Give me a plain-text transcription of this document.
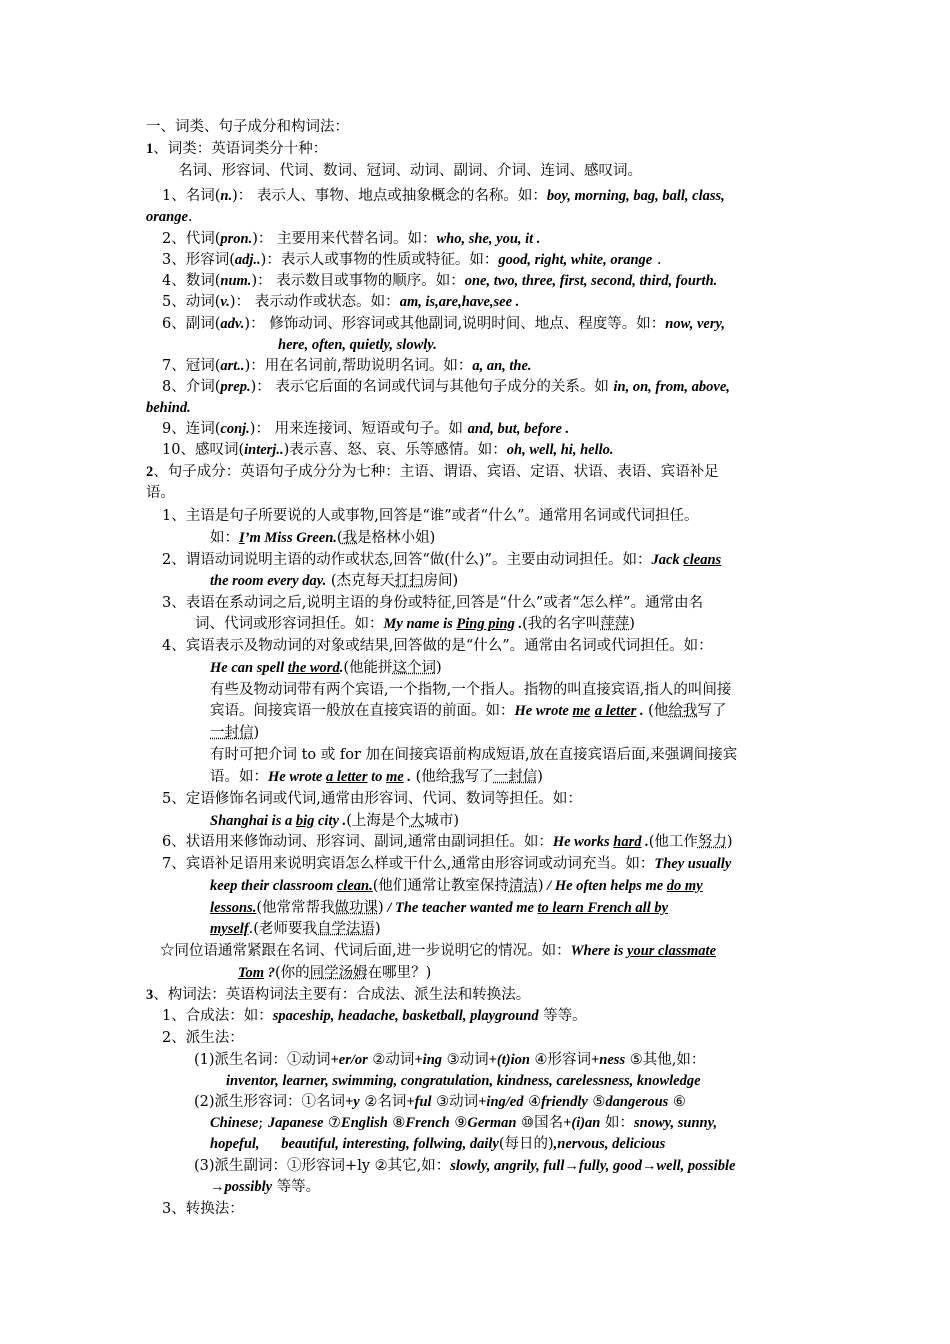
一、词类、句子成分和构词法：
1、词类：英语词类分十种：
名词、形容词、代词、数词、冠词、动词、副词、介词、连词、感叹词。
1、名词(n.)： 表示人、事物、地点或抽象概念的名称。如：boy, morning, bag, ball, class,
orange.
2、代词(pron.)： 主要用来代替名词。如：who, she, you, it .
3、形容词(adj..)：表示人或事物的性质或特征。如：good, right, white, orange .
4、数词(num.)： 表示数目或事物的顺序。如：one, two, three, first, second, third, fourth.
5、动词(v.)： 表示动作或状态。如：am, is,are,have,see .
6、副词(adv.)： 修饰动词、形容词或其他副词,说明时间、地点、程度等。如：now, very,
here, often, quietly, slowly.
7、冠词(art..)：用在名词前,帮助说明名词。如：a, an, the.
8、介词(prep.)： 表示它后面的名词或代词与其他句子成分的关系。如 in, on, from, above,
behind.
9、连词(conj.)： 用来连接词、短语或句子。如 and, but, before .
10、感叹词(interj..)表示喜、怒、哀、乐等感情。如：oh, well, hi, hello.
2、句子成分：英语句子成分分为七种：主语、谓语、宾语、定语、状语、表语、宾语补足
语。
1、主语是句子所要说的人或事物,回答是“谁”或者“什么”。通常用名词或代词担任。
如：I’m Miss Green.(我是格林小姐)
2、谓语动词说明主语的动作或状态,回答“做(什么)”。主要由动词担任。如：Jack cleans
the room every day. (杰克每天打扫房间)
3、表语在系动词之后,说明主语的身份或特征,回答是“什么”或者“怎么样”。通常由名
词、代词或形容词担任。如：My name is Ping ping .(我的名字叫萍萍)
4、宾语表示及物动词的对象或结果,回答做的是“什么”。通常由名词或代词担任。如：
He can spell the word.(他能拼这个词)
有些及物动词带有两个宾语,一个指物,一个指人。指物的叫直接宾语,指人的叫间接
宾语。间接宾语一般放在直接宾语的前面。如：He wrote me a letter . (他给我写了
一封信)
有时可把介词 to 或 for 加在间接宾语前构成短语,放在直接宾语后面,来强调间接宾
语。如：He wrote a letter to me . (他给我写了一封信)
5、定语修饰名词或代词,通常由形容词、代词、数词等担任。如：
Shanghai is a big city .(上海是个大城市)
6、状语用来修饰动词、形容词、副词,通常由副词担任。如：He works hard .(他工作努力)
7、宾语补足语用来说明宾语怎么样或干什么,通常由形容词或动词充当。如：They usually
keep their classroom clean.(他们通常让教室保持清洁) / He often helps me do my
lessons.(他常常帮我做功课) / The teacher wanted me to learn French all by
myself.(老师要我自学法语)
☆同位语通常紧跟在名词、代词后面,进一步说明它的情况。如：Where is your classmate
Tom ?(你的同学汤姆在哪里？)
3、构词法：英语构词法主要有：合成法、派生法和转换法。
1、合成法：如：spaceship, headache, basketball, playground 等等。
2、派生法：
(1)派生名词：①动词+er/or ②动词+ing ③动词+(t)ion ④形容词+ness ⑤其他,如：
inventor, learner, swimming, congratulation, kindness, carelessness, knowledge
(2)派生形容词：①名词+y ②名词+ful ③动词+ing/ed ④friendly ⑤dangerous ⑥
Chinese; Japanese ⑦English ⑧French ⑨German ⑩国名+(i)an 如：snowy, sunny,
hopeful,      beautiful, interesting, follwing, daily(每日的),nervous, delicious
(3)派生副词：①形容词+ly ②其它,如：slowly, angrily, full→fully, good→well, possible
→possibly 等等。
3、转换法：
